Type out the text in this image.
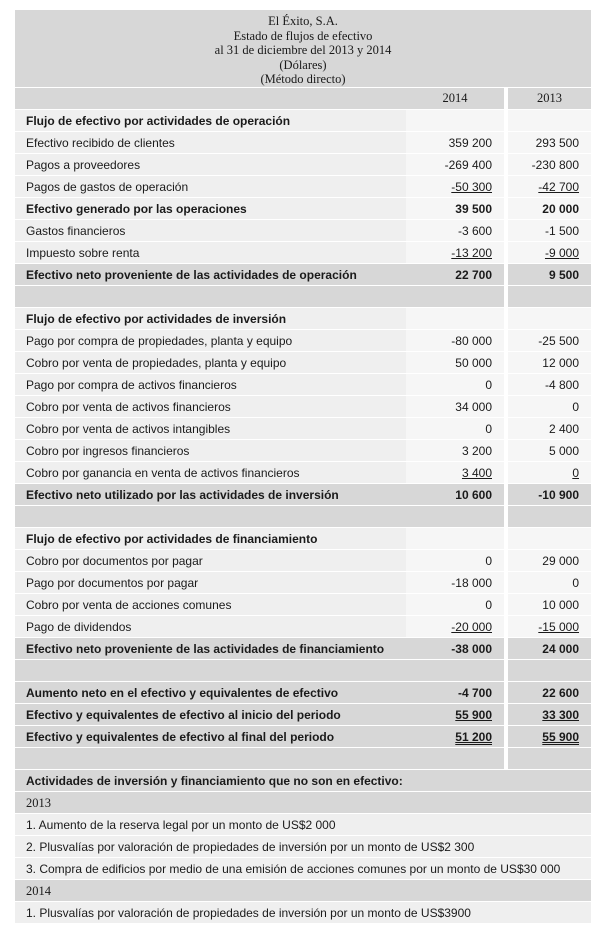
El Éxito, S.A.
Estado de flujos de efectivo
al 31 de diciembre del 2013 y 2014
(Dólares)
(Método directo)
	2014		2013
Flujo de efectivo por actividades de operación			
Efectivo recibido de clientes	359 200		293 500
Pagos a proveedores	-269 400		-230 800
Pagos de gastos de operación	-50 300		-42 700
Efectivo generado por las operaciones	39 500		20 000
Gastos financieros	-3 600		-1 500
Impuesto sobre renta	-13 200		-9 000
Efectivo neto proveniente de las actividades de operación	22 700		9 500

Flujo de efectivo por actividades de inversión			
Pago por compra de propiedades, planta y equipo	-80 000		-25 500
Cobro por venta de propiedades, planta y equipo	50 000		12 000
Pago por compra de activos financieros	0		-4 800
Cobro por venta de activos financieros	34 000		0
Cobro por venta de activos intangibles	0		2 400
Cobro por ingresos financieros	3 200		5 000
Cobro por ganancia en venta de activos financieros	3 400		0
Efectivo neto utilizado por las actividades de inversión	10 600		-10 900

Flujo de efectivo por actividades de financiamiento			
Cobro por documentos por pagar	0		29 000
Pago por documentos por pagar	-18 000		0
Cobro por venta de acciones comunes	0		10 000
Pago de dividendos	-20 000		-15 000
Efectivo neto proveniente de las actividades de financiamiento	-38 000		24 000

Aumento neto en el efectivo y equivalentes de efectivo	-4 700		22 600
Efectivo y equivalentes de efectivo al inicio del periodo	55 900		33 300
Efectivo y equivalentes de efectivo al final del periodo	51 200		55 900

Actividades de inversión y financiamiento que no son en efectivo:
2013
1. Aumento de la reserva legal por un monto de US$2 000
2. Plusvalías por valoración de propiedades de inversión por un monto de US$2 300
3. Compra de edificios por medio de una emisión de acciones comunes por un monto de US$30 000
2014
1. Plusvalías por valoración de propiedades de inversión por un monto de US$3900
